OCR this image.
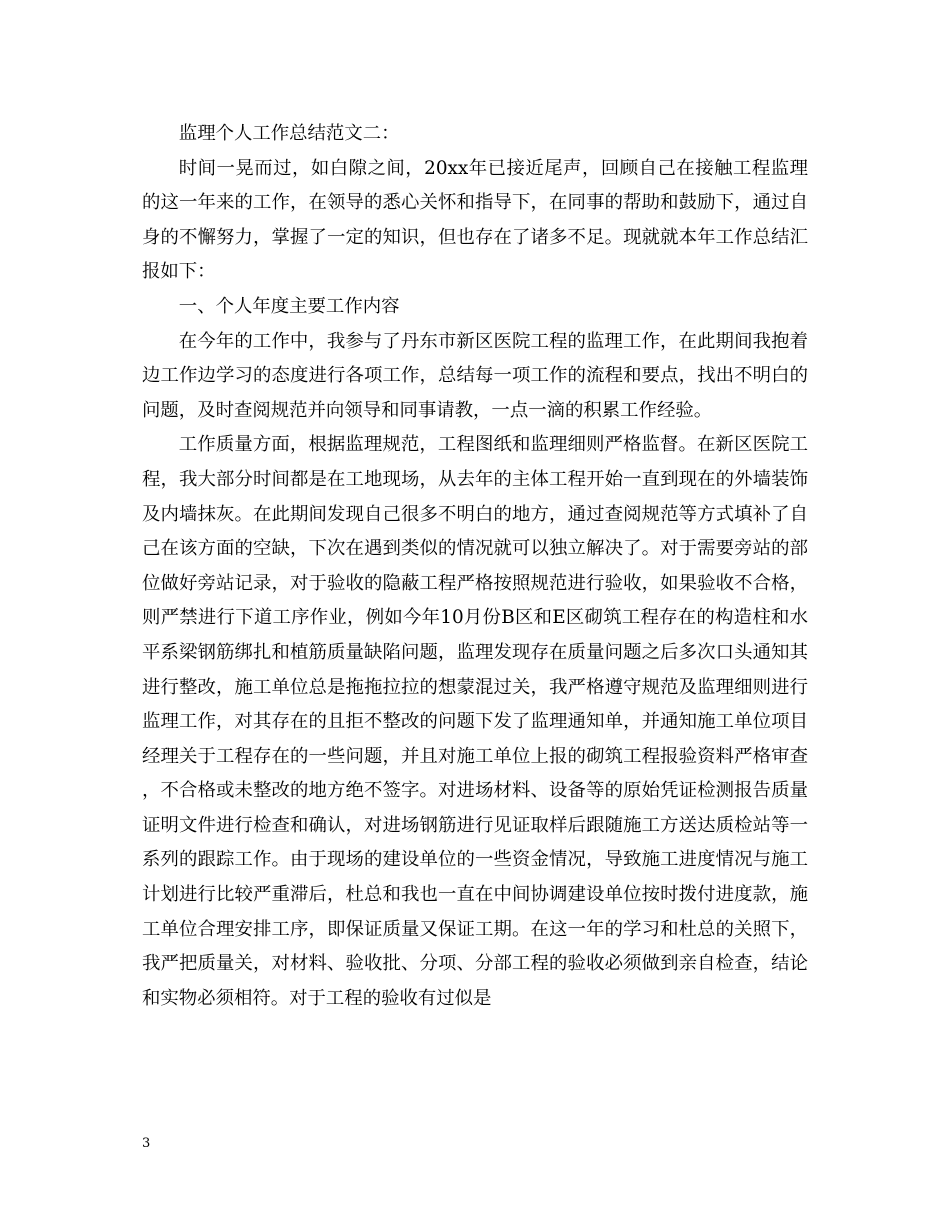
监理个人工作总结范文二：

时间一晃而过，如白隙之间，20xx年已接近尾声，回顾自己在接触工程监理的这一年来的工作，在领导的悉心关怀和指导下，在同事的帮助和鼓励下，通过自身的不懈努力，掌握了一定的知识，但也存在了诸多不足。现就就本年工作总结汇报如下：

一、个人年度主要工作内容

在今年的工作中，我参与了丹东市新区医院工程的监理工作，在此期间我抱着边工作边学习的态度进行各项工作，总结每一项工作的流程和要点，找出不明白的问题，及时查阅规范并向领导和同事请教，一点一滴的积累工作经验。

工作质量方面，根据监理规范，工程图纸和监理细则严格监督。在新区医院工程，我大部分时间都是在工地现场，从去年的主体工程开始一直到现在的外墙装饰及内墙抹灰。在此期间发现自己很多不明白的地方，通过查阅规范等方式填补了自己在该方面的空缺，下次在遇到类似的情况就可以独立解决了。对于需要旁站的部位做好旁站记录，对于验收的隐蔽工程严格按照规范进行验收，如果验收不合格，则严禁进行下道工序作业，例如今年10月份B区和E区砌筑工程存在的构造柱和水平系梁钢筋绑扎和植筋质量缺陷问题，监理发现存在质量问题之后多次口头通知其进行整改，施工单位总是拖拖拉拉的想蒙混过关，我严格遵守规范及监理细则进行监理工作，对其存在的且拒不整改的问题下发了监理通知单，并通知施工单位项目经理关于工程存在的一些问题，并且对施工单位上报的砌筑工程报验资料严格审查，不合格或未整改的地方绝不签字。对进场材料、设备等的原始凭证检测报告质量证明文件进行检查和确认，对进场钢筋进行见证取样后跟随施工方送达质检站等一系列的跟踪工作。由于现场的建设单位的一些资金情况，导致施工进度情况与施工计划进行比较严重滞后，杜总和我也一直在中间协调建设单位按时拨付进度款，施工单位合理安排工序，即保证质量又保证工期。在这一年的学习和杜总的关照下，我严把质量关，对材料、验收批、分项、分部工程的验收必须做到亲自检查，结论和实物必须相符。对于工程的验收有过似是

3
